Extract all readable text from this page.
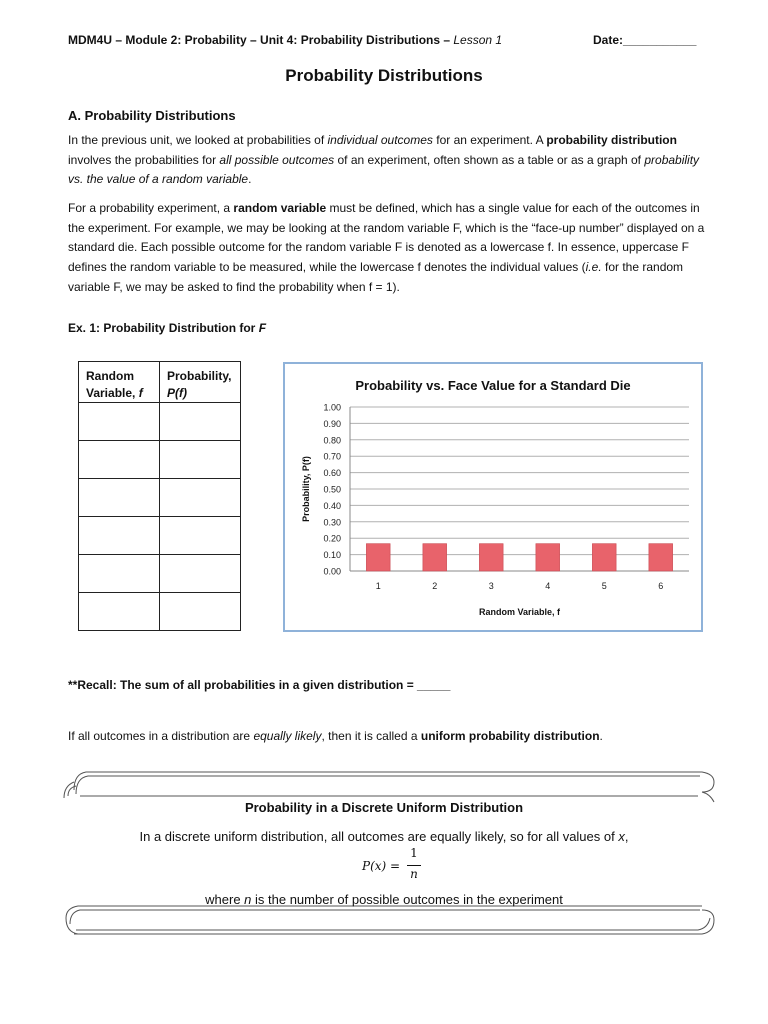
MDM4U – Module 2: Probability – Unit 4: Probability Distributions – Lesson 1	Date:___________
Probability Distributions
A. Probability Distributions
In the previous unit, we looked at probabilities of individual outcomes for an experiment. A probability distribution involves the probabilities for all possible outcomes of an experiment, often shown as a table or as a graph of probability vs. the value of a random variable.
For a probability experiment, a random variable must be defined, which has a single value for each of the outcomes in the experiment. For example, we may be looking at the random variable F, which is the “face-up number” displayed on a standard die. Each possible outcome for the random variable F is denoted as a lowercase f. In essence, uppercase F defines the random variable to be measured, while the lowercase f denotes the individual values (i.e. for the random variable F, we may be asked to find the probability when f = 1).
Ex. 1: Probability Distribution for F
Random
Variable, f	Probability,
P(f)

		Probability vs. Face Value for a Standard Die
0.00
0.10
0.20
0.30
0.40
0.50
0.60
0.70
0.80
0.90
1.00
1	2	3	4	5	6
Random Variable, f
Probability, P(f)
**Recall: The sum of all probabilities in a given distribution = _____
If all outcomes in a distribution are equally likely, then it is called a uniform probability distribution.
Probability in a Discrete Uniform Distribution
In a discrete uniform distribution, all outcomes are equally likely, so for all values of x,
P(x) =
1
n
where n is the number of possible outcomes in the experiment
